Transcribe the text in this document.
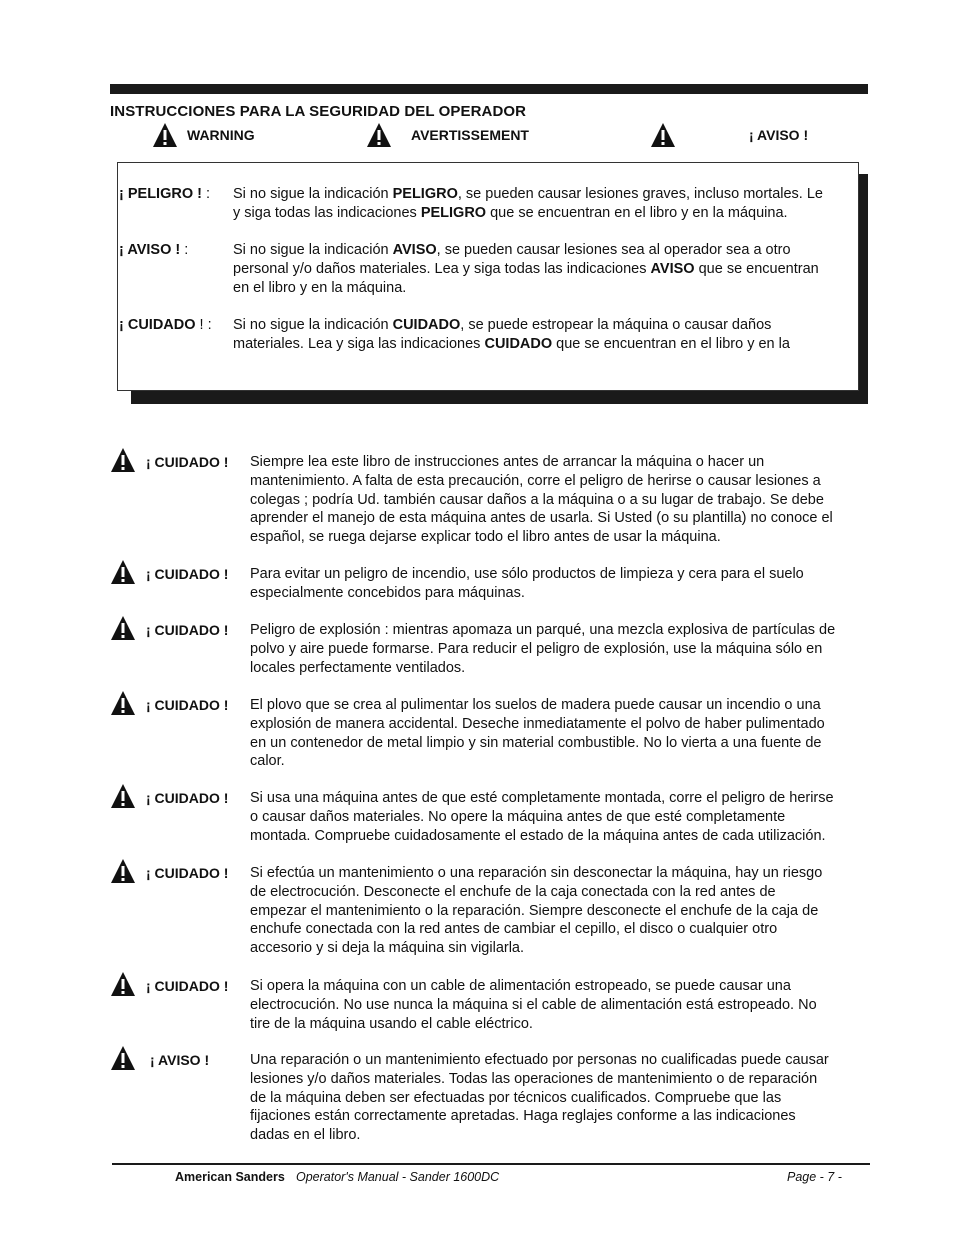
INSTRUCCIONES PARA LA SEGURIDAD DEL OPERADOR
WARNING	AVERTISSEMENT	¡ AVISO !
¡ PELIGRO ! :	Si no sigue la indicación PELIGRO, se pueden causar lesiones graves, incluso mortales. Le
y siga todas las indicaciones PELIGRO que se encuentran en el libro y en la máquina.
¡ AVISO ! :	Si no sigue la indicación AVISO, se pueden causar lesiones sea al operador sea a otro
personal y/o daños materiales. Lea y siga todas las indicaciones AVISO que se encuentran
en el libro y en la máquina.
¡ CUIDADO ! :	Si no sigue la indicación CUIDADO, se puede estropear la máquina o causar daños
materiales. Lea y siga las indicaciones CUIDADO que se encuentran en el libro y en la
¡ CUIDADO ! Siempre lea este libro de instrucciones antes de arrancar la máquina o hacer un
mantenimiento. A falta de esta precaución, corre el peligro de herirse o causar lesiones a
colegas ; podría Ud. también causar daños a la máquina o a su lugar de trabajo. Se debe
aprender el manejo de esta máquina antes de usarla. Si Usted (o su plantilla) no conoce el
español, se ruega dejarse explicar todo el libro antes de usar la máquina.
¡ CUIDADO ! Para evitar un peligro de incendio, use sólo productos de limpieza y cera para el suelo
especialmente concebidos para máquinas.
¡ CUIDADO ! Peligro de explosión : mientras apomaza un parqué, una mezcla explosiva de partículas de
polvo y aire puede formarse. Para reducir el peligro de explosión, use la máquina sólo en
locales perfectamente ventilados.
¡ CUIDADO ! El plovo que se crea al pulimentar los suelos de madera puede causar un incendio o una
explosión de manera accidental. Deseche inmediatamente el polvo de haber pulimentado
en un contenedor de metal limpio y sin material combustible. No lo vierta a una fuente de
calor.
¡ CUIDADO ! Si usa una máquina antes de que esté completamente montada, corre el peligro de herirse
o causar daños materiales. No opere la máquina antes de que esté completamente
montada. Compruebe cuidadosamente el estado de la máquina antes de cada utilización.
¡ CUIDADO ! Si efectúa un mantenimiento o una reparación sin desconectar la máquina, hay un riesgo
de electrocución. Desconecte el enchufe de la caja conectada con la red antes de
empezar el mantenimiento o la reparación. Siempre desconecte el enchufe de la caja de
enchufe conectada con la red antes de cambiar el cepillo, el disco o cualquier otro
accesorio y si deja la máquina sin vigilarla.
¡ CUIDADO ! Si opera la máquina con un cable de alimentación estropeado, se puede causar una
electrocución. No use nunca la máquina si el cable de alimentación está estropeado. No
tire de la máquina usando el cable eléctrico.
¡ AVISO !	Una reparación o un mantenimiento efectuado por personas no cualificadas puede causar
lesiones y/o daños materiales. Todas las operaciones de mantenimiento o de reparación
de la máquina deben ser efectuadas por técnicos cualificados. Compruebe que las
fijaciones están correctamente apretadas. Haga reglajes conforme a las indicaciones
dadas en el libro.
American Sanders Operator's Manual - Sander 1600DC	Page - 7 -
